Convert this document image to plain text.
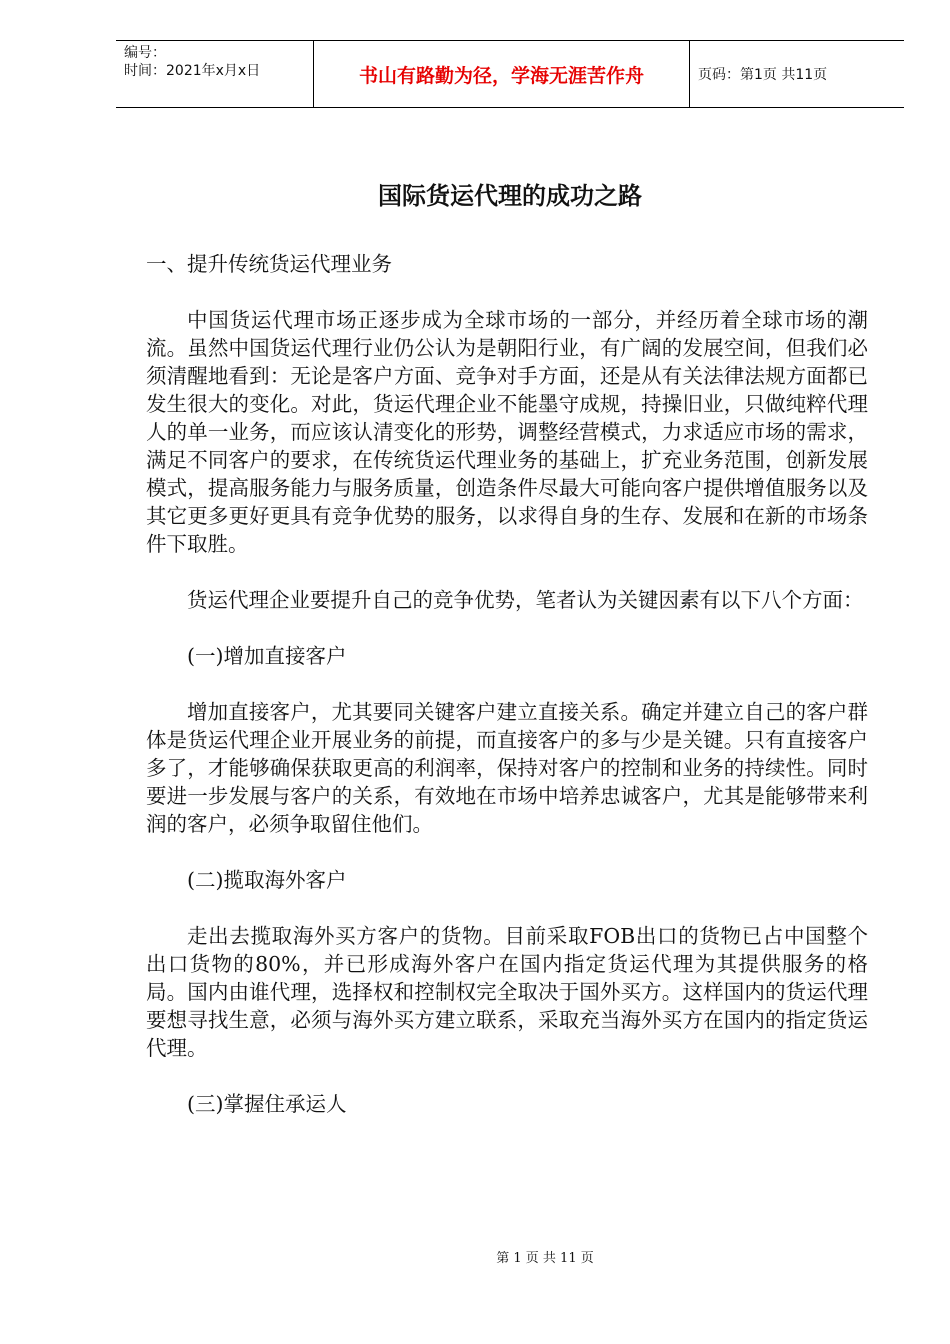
编号：
时间：2021年x月x日	书山有路勤为径，学海无涯苦作舟	页码：第1页 共11页
国际货运代理的成功之路

一、提升传统货运代理业务

中国货运代理市场正逐步成为全球市场的一部分，并经历着全球市场的潮流。虽然中国货运代理行业仍公认为是朝阳行业，有广阔的发展空间，但我们必须清醒地看到：无论是客户方面、竞争对手方面，还是从有关法律法规方面都已发生很大的变化。对此，货运代理企业不能墨守成规，持操旧业，只做纯粹代理人的单一业务，而应该认清变化的形势，调整经营模式，力求适应市场的需求，满足不同客户的要求，在传统货运代理业务的基础上，扩充业务范围，创新发展模式，提高服务能力与服务质量，创造条件尽最大可能向客户提供增值服务以及其它更多更好更具有竞争优势的服务，以求得自身的生存、发展和在新的市场条件下取胜。

货运代理企业要提升自己的竞争优势，笔者认为关键因素有以下八个方面：

(一)增加直接客户

增加直接客户，尤其要同关键客户建立直接关系。确定并建立自己的客户群体是货运代理企业开展业务的前提，而直接客户的多与少是关键。只有直接客户多了，才能够确保获取更高的利润率，保持对客户的控制和业务的持续性。同时要进一步发展与客户的关系，有效地在市场中培养忠诚客户，尤其是能够带来利润的客户，必须争取留住他们。

(二)揽取海外客户

走出去揽取海外买方客户的货物。目前采取FOB出口的货物已占中国整个出口货物的80%，并已形成海外客户在国内指定货运代理为其提供服务的格局。国内由谁代理，选择权和控制权完全取决于国外买方。这样国内的货运代理要想寻找生意，必须与海外买方建立联系，采取充当海外买方在国内的指定货运代理。

(三)掌握住承运人

第 1 页 共 11 页
